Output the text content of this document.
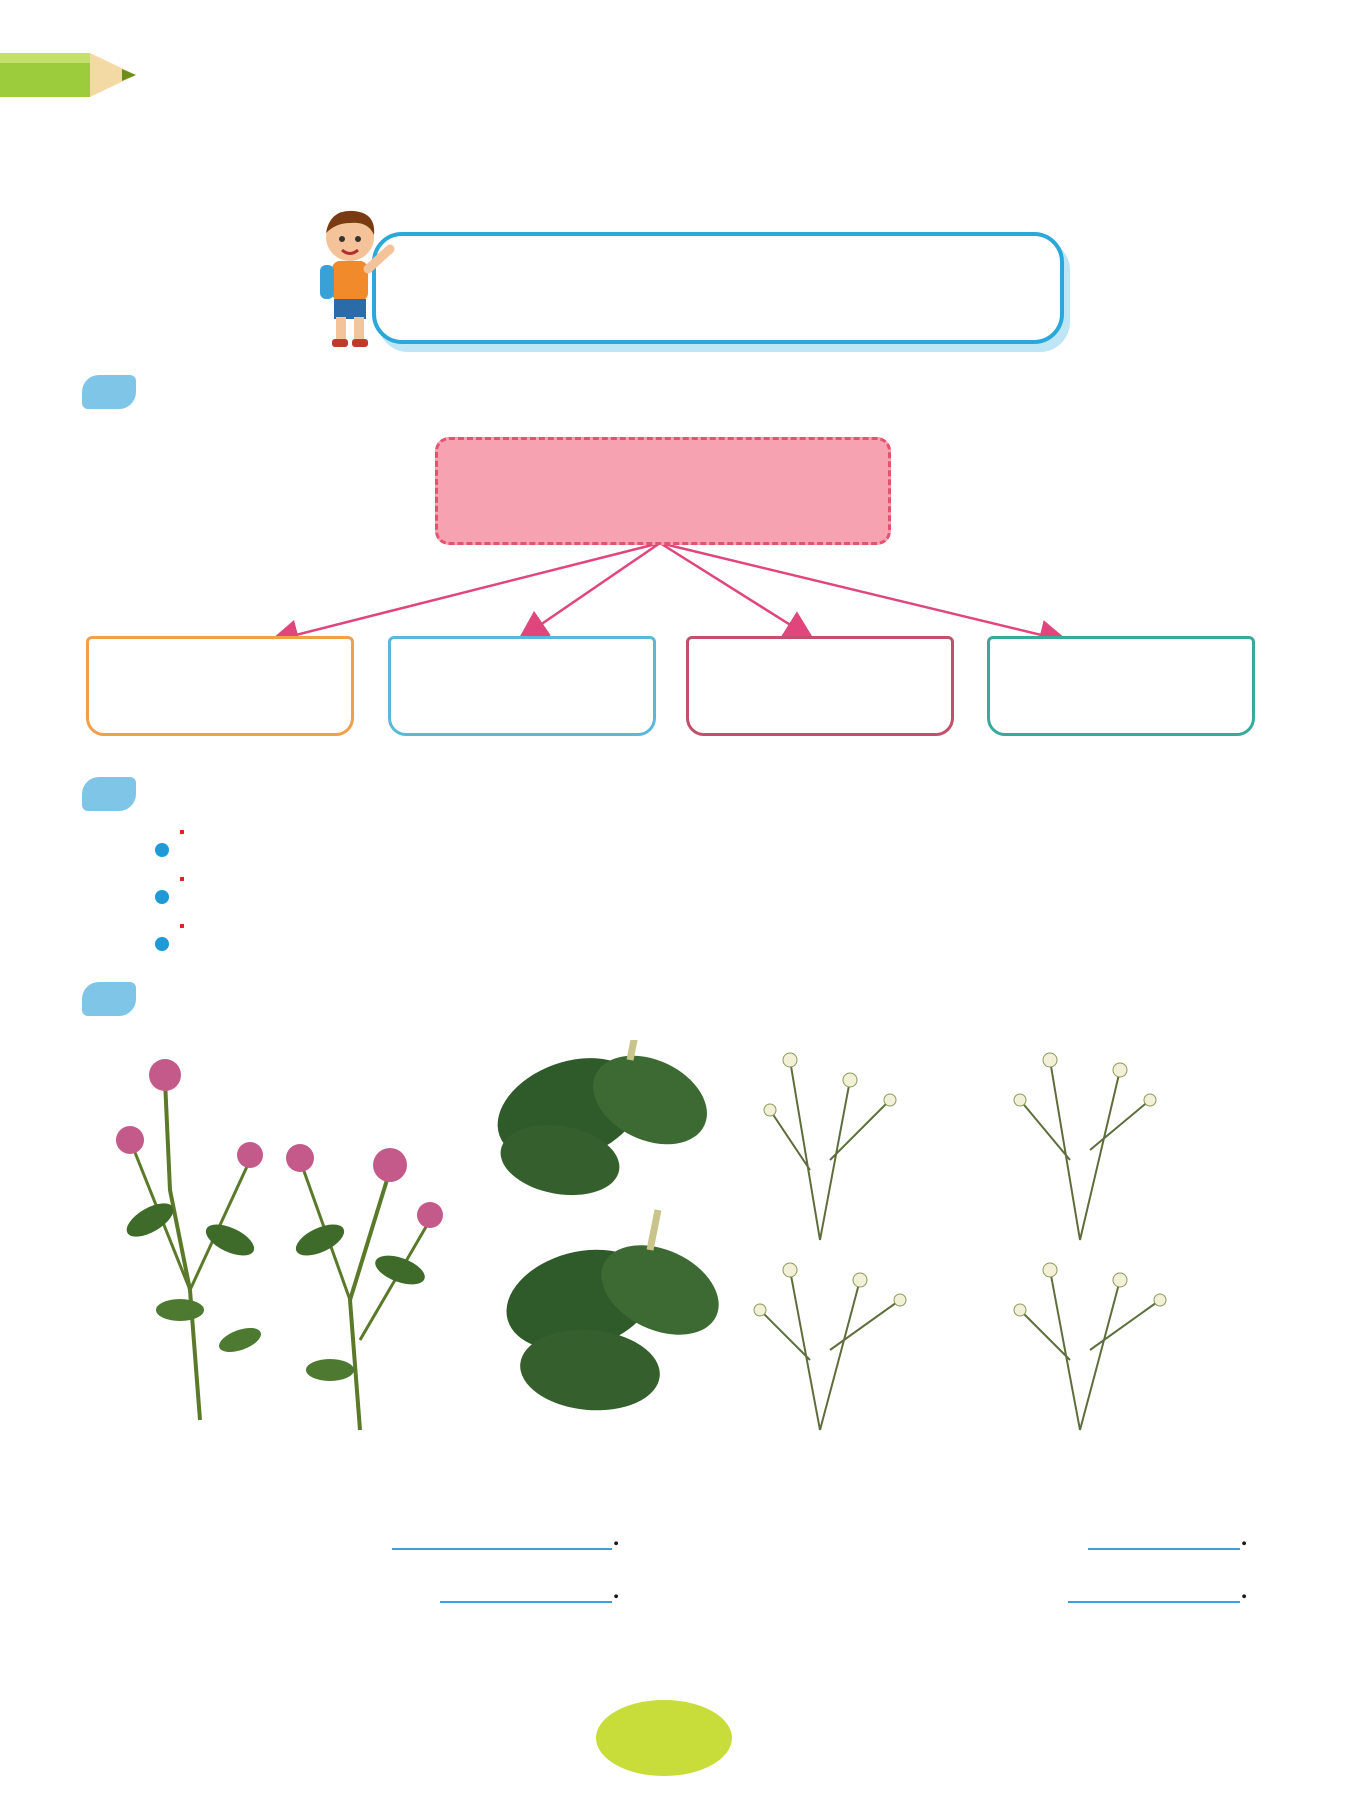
.	.
.	.
